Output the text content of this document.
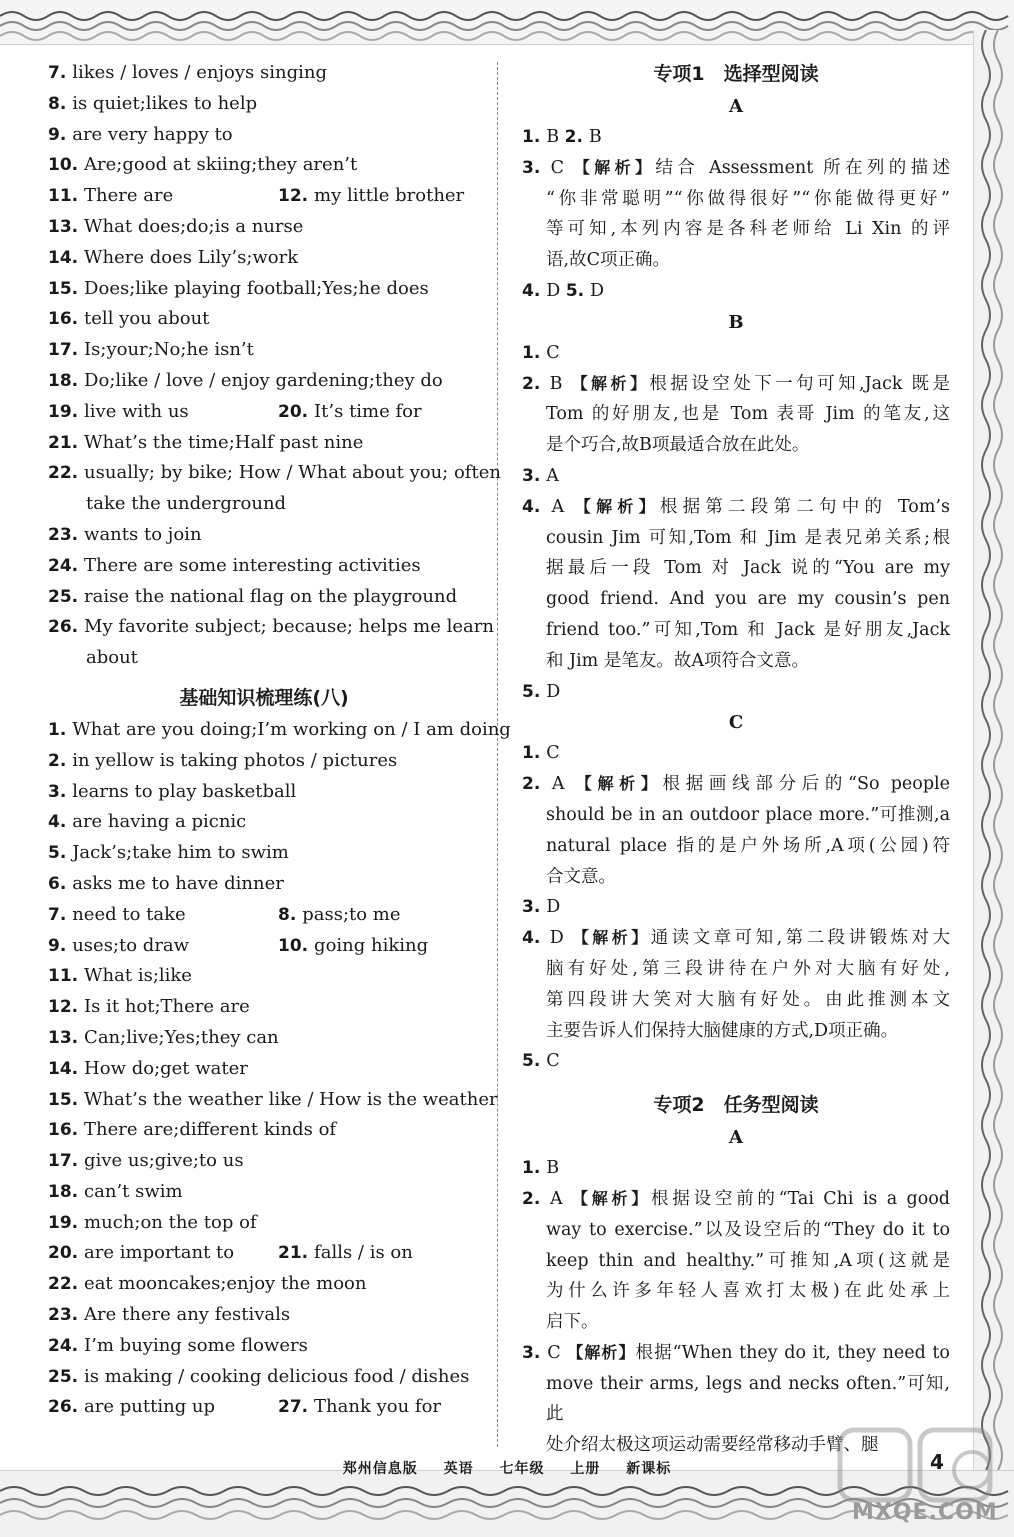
7. likes / loves / enjoys singing
8. is quiet;likes to help
9. are very happy to
10. Are;good at skiing;they aren’t
11. There are	12. my little brother
13. What does;do;is a nurse
14. Where does Lily’s;work
15. Does;like playing football;Yes;he does
16. tell you about
17. Is;your;No;he isn’t
18. Do;like / love / enjoy gardening;they do
19. live with us	20. It’s time for
21. What’s the time;Half past nine
22. usually; by bike; How / What about you; often
take the underground
23. wants to join
24. There are some interesting activities
25. raise the national flag on the playground
26. My favorite subject; because; helps me learn
about
基础知识梳理练(八)
1. What are you doing;I’m working on / I am doing
2. in yellow is taking photos / pictures
3. learns to play basketball
4. are having a picnic
5. Jack’s;take him to swim
6. asks me to have dinner
7. need to take	8. pass;to me
9. uses;to draw	10. going hiking
11. What is;like
12. Is it hot;There are
13. Can;live;Yes;they can
14. How do;get water
15. What’s the weather like / How is the weather
16. There are;different kinds of
17. give us;give;to us
18. can’t swim
19. much;on the top of
20. are important to	21. falls / is on
22. eat mooncakes;enjoy the moon
23. Are there any festivals
24. I’m buying some flowers
25. is making / cooking delicious food / dishes
26. are putting up	27. Thank you for
专项1　选择型阅读
A
1. B 2. B
3. C 【解析】结合 Assessment 所在列的描述
“你非常聪明”“你做得很好”“你能做得更好”
等可知,本列内容是各科老师给 Li Xin 的评
语,故C项正确。
4. D 5. D
B
1. C
2. B 【解析】根据设空处下一句可知,Jack 既是
Tom 的好朋友,也是 Tom 表哥 Jim 的笔友,这
是个巧合,故B项最适合放在此处。
3. A
4. A 【解析】根据第二段第二句中的 Tom’s
cousin Jim 可知,Tom 和 Jim 是表兄弟关系;根
据最后一段 Tom 对 Jack 说的“You are my
good friend. And you are my cousin’s pen
friend too.”可知,Tom 和 Jack 是好朋友,Jack
和 Jim 是笔友。故A项符合文意。
5. D
C
1. C
2. A 【解析】根据画线部分后的“So people
should be in an outdoor place more.”可推测,a
natural place 指的是户外场所,A项(公园)符
合文意。
3. D
4. D 【解析】通读文章可知,第二段讲锻炼对大
脑有好处,第三段讲待在户外对大脑有好处,
第四段讲大笑对大脑有好处。由此推测本文
主要告诉人们保持大脑健康的方式,D项正确。
5. C
专项2　任务型阅读
A
1. B
2. A 【解析】根据设空前的“Tai Chi is a good
way to exercise.”以及设空后的“They do it to
keep thin and healthy.”可推知,A项(这就是
为什么许多年轻人喜欢打太极)在此处承上
启下。
3. C 【解析】根据“When they do it, they need to
move their arms, legs and necks often.”可知,此
处介绍太极这项运动需要经常移动手臂、腿
郑州信息版 英语 七年级 上册 新课标	4
MXQE.COM
